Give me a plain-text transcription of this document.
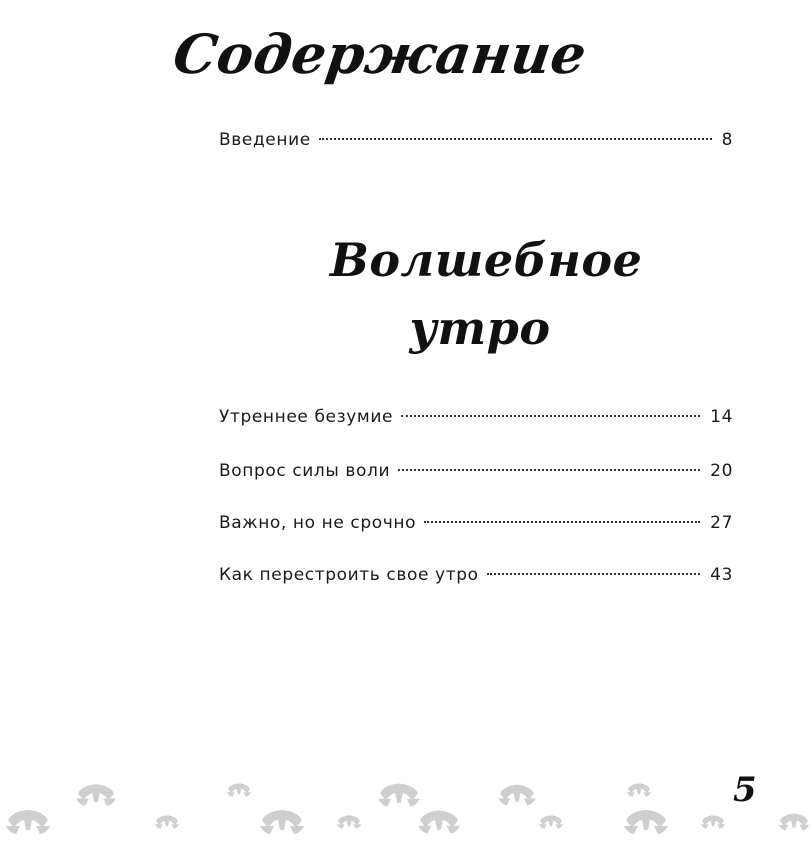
Содержание
Введение	8
Волшебное
утро
Утреннее безумие	14
Вопрос силы воли	20
Важно, но не срочно	27
Как перестроить свое утро	43
5
